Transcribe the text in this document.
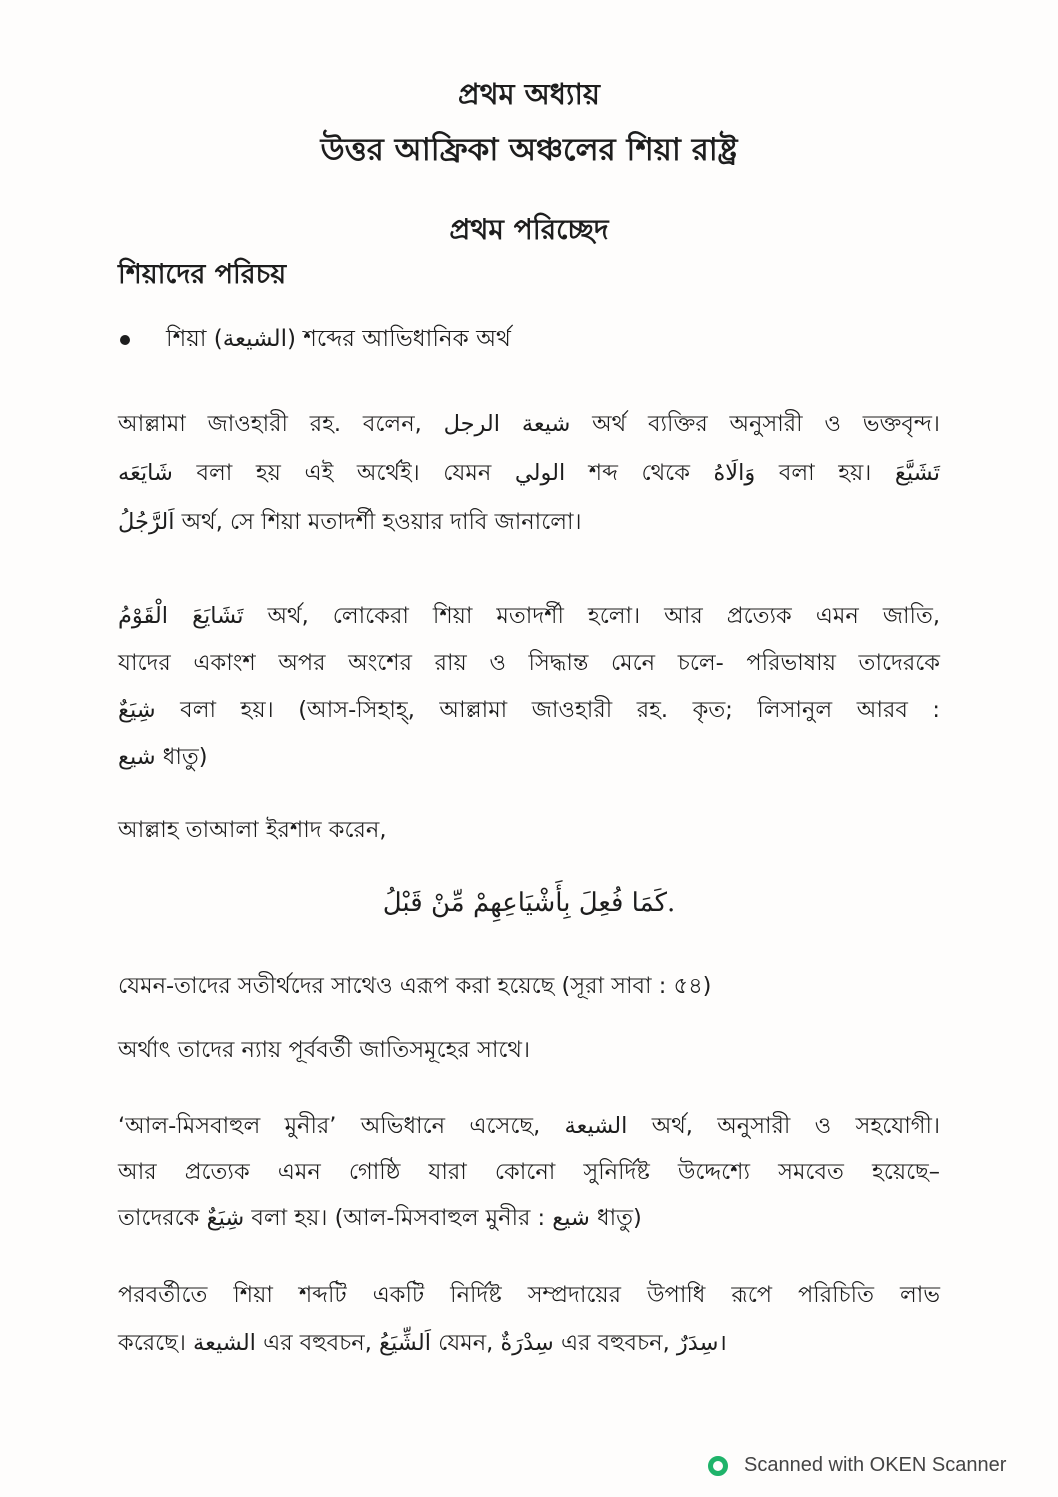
প্রথম অধ্যায়
উত্তর আফ্রিকা অঞ্চলের শিয়া রাষ্ট্র
প্রথম পরিচ্ছেদ
শিয়াদের পরিচয়
শিয়া (الشيعة) শব্দের আভিধানিক অর্থ
আল্লামা জাওহারী রহ. বলেন, شيعة الرجل অর্থ ব্যক্তির অনুসারী ও ভক্তবৃন্দ।
شَايَعَه বলা হয় এই অর্থেই। যেমন الولي শব্দ থেকে وَالَاهُ বলা হয়। تَشَيَّعَ
اَلرَّجُلُ অর্থ, সে শিয়া মতাদর্শী হওয়ার দাবি জানালো।
تَشَايَعَ الْقَوْمُ অর্থ, লোকেরা শিয়া মতাদর্শী হলো। আর প্রত্যেক এমন জাতি,
যাদের একাংশ অপর অংশের রায় ও সিদ্ধান্ত মেনে চলে- পরিভাষায় তাদেরকে
شِيَعٌ বলা হয়। (আস-সিহাহ্, আল্লামা জাওহারী রহ. কৃত; লিসানুল আরব :
شيع ধাতু)
আল্লাহ তাআলা ইরশাদ করেন,
كَمَا فُعِلَ بِأَشْيَاعِهِمْ مِّنْ قَبْلُ.
যেমন-তাদের সতীর্থদের সাথেও এরূপ করা হয়েছে (সূরা সাবা : ৫৪)
অর্থাৎ তাদের ন্যায় পূর্ববর্তী জাতিসমূহের সাথে।
‘আল-মিসবাহুল মুনীর’ অভিধানে এসেছে, الشيعة অর্থ, অনুসারী ও সহযোগী।
আর প্রত্যেক এমন গোষ্ঠি যারা কোনো সুনির্দিষ্ট উদ্দেশ্যে সমবেত হয়েছে–
তাদেরকে شِيَعٌ বলা হয়। (আল-মিসবাহুল মুনীর : شيع ধাতু)
পরবর্তীতে শিয়া শব্দটি একটি নির্দিষ্ট সম্প্রদায়ের উপাধি রূপে পরিচিতি লাভ
করেছে। الشيعة এর বহুবচন, اَلشِّيَعُ যেমন, سِدْرَةٌ এর বহুবচন, سِدَرٌ।
Scanned with OKEN Scanner
